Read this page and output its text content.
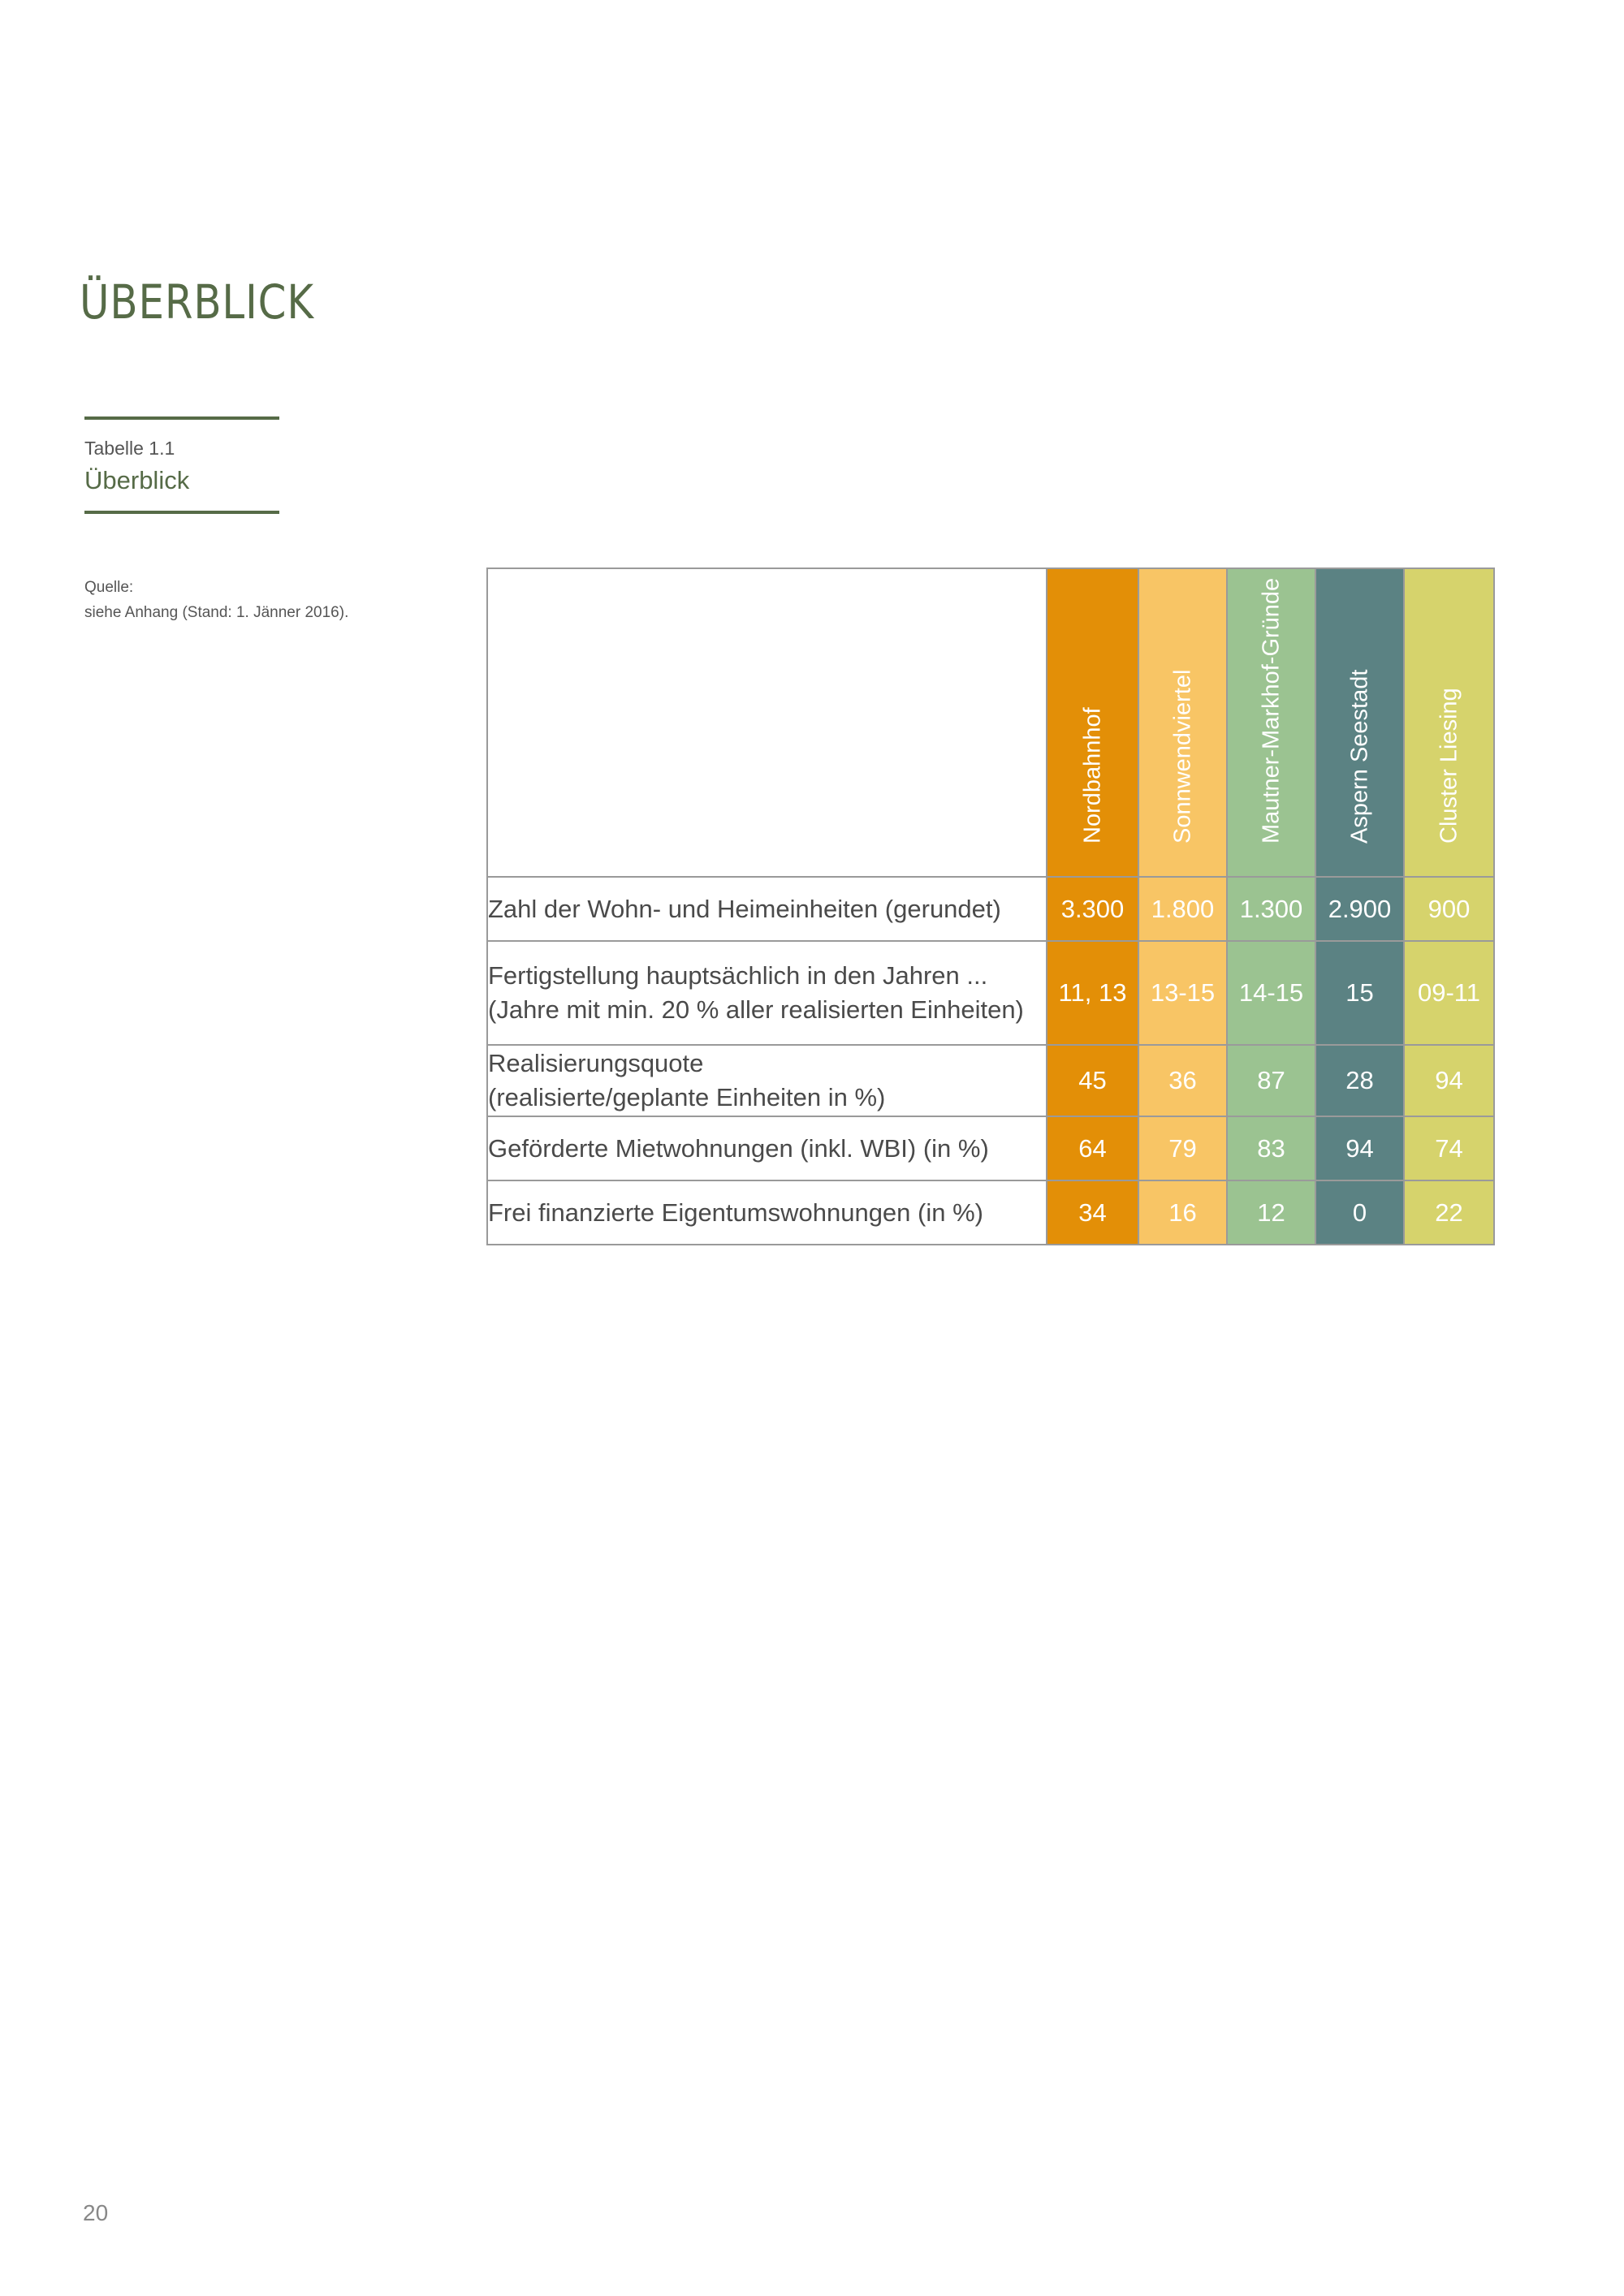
ÜBERBLICK
Tabelle 1.1
Überblick
Quelle:
siehe Anhang (Stand: 1. Jänner 2016).

	Nordbahnhof	Sonnwendviertel	Mautner-Markhof-Gründe	Aspern Seestadt	Cluster Liesing

Zahl der Wohn- und Heimeinheiten (gerundet)	3.300	1.800	1.300	2.900	900

Fertigstellung hauptsächlich in den Jahren ...
(Jahre mit min. 20 % aller realisierten Einheiten)	11, 13	13-15	14-15	15	09-11

Realisierungsquote
(realisierte/geplante Einheiten in %)	45	36	87	28	94

Geförderte Mietwohnungen (inkl. WBI) (in %)	64	79	83	94	74

Frei finanzierte Eigentumswohnungen (in %)	34	16	12	0	22
20
